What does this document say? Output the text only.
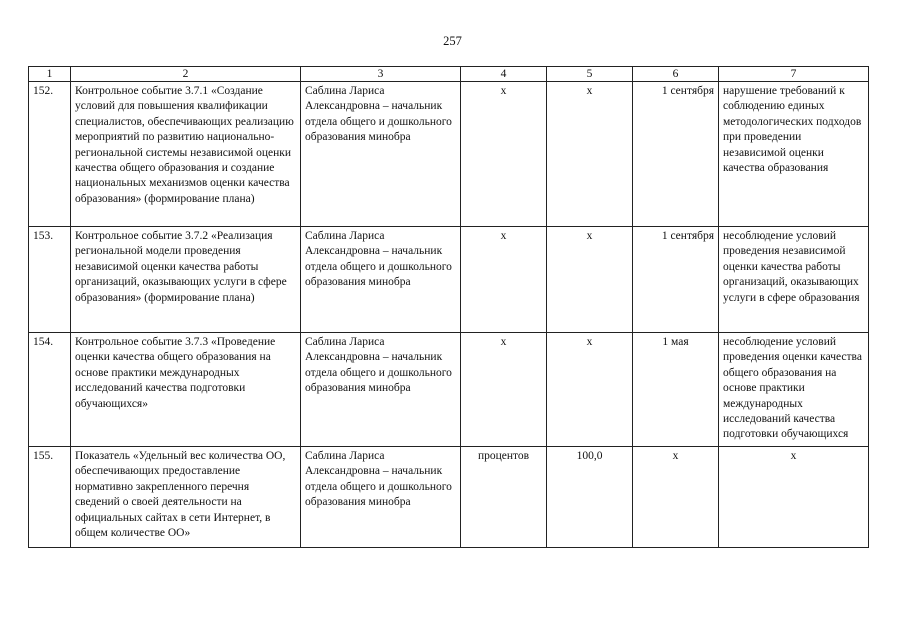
257
1	2	3	4	5	6	7
152.	Контрольное событие 3.7.1 «Создание условий для повышения квалификации специалистов, обеспечивающих реализацию мероприятий по развитию национально-региональной системы независимой оценки качества общего образования и создание национальных механизмов оценки качества образования» (формирование плана)	Саблина Лариса Александровна – начальник отдела общего и дошкольного образования минобра	х	х	1 сентября	нарушение требований к соблюдению единых методологических подходов при проведении независимой оценки качества образования
153.	Контрольное событие 3.7.2 «Реализация региональной модели проведения независимой оценки качества работы организаций, оказывающих услуги в сфере образования» (формирование плана)	Саблина Лариса Александровна – начальник отдела общего и дошкольного образования минобра	х	х	1 сентября	несоблюдение условий проведения независимой оценки качества работы организаций, оказывающих услуги в сфере образования
154.	Контрольное событие 3.7.3 «Проведение оценки качества общего образования на основе практики международных исследований качества подготовки обучающихся»	Саблина Лариса Александровна – начальник отдела общего и дошкольного образования минобра	х	х	1 мая	несоблюдение условий проведения оценки качества общего образования на основе практики международных исследований качества подготовки обучающихся
155.	Показатель «Удельный вес количества ОО, обеспечивающих предоставление нормативно закрепленного перечня сведений о своей деятельности на официальных сайтах в сети Интернет, в общем количестве ОО»	Саблина Лариса Александровна – начальник отдела общего и дошкольного образования минобра	процентов	100,0	х	х
